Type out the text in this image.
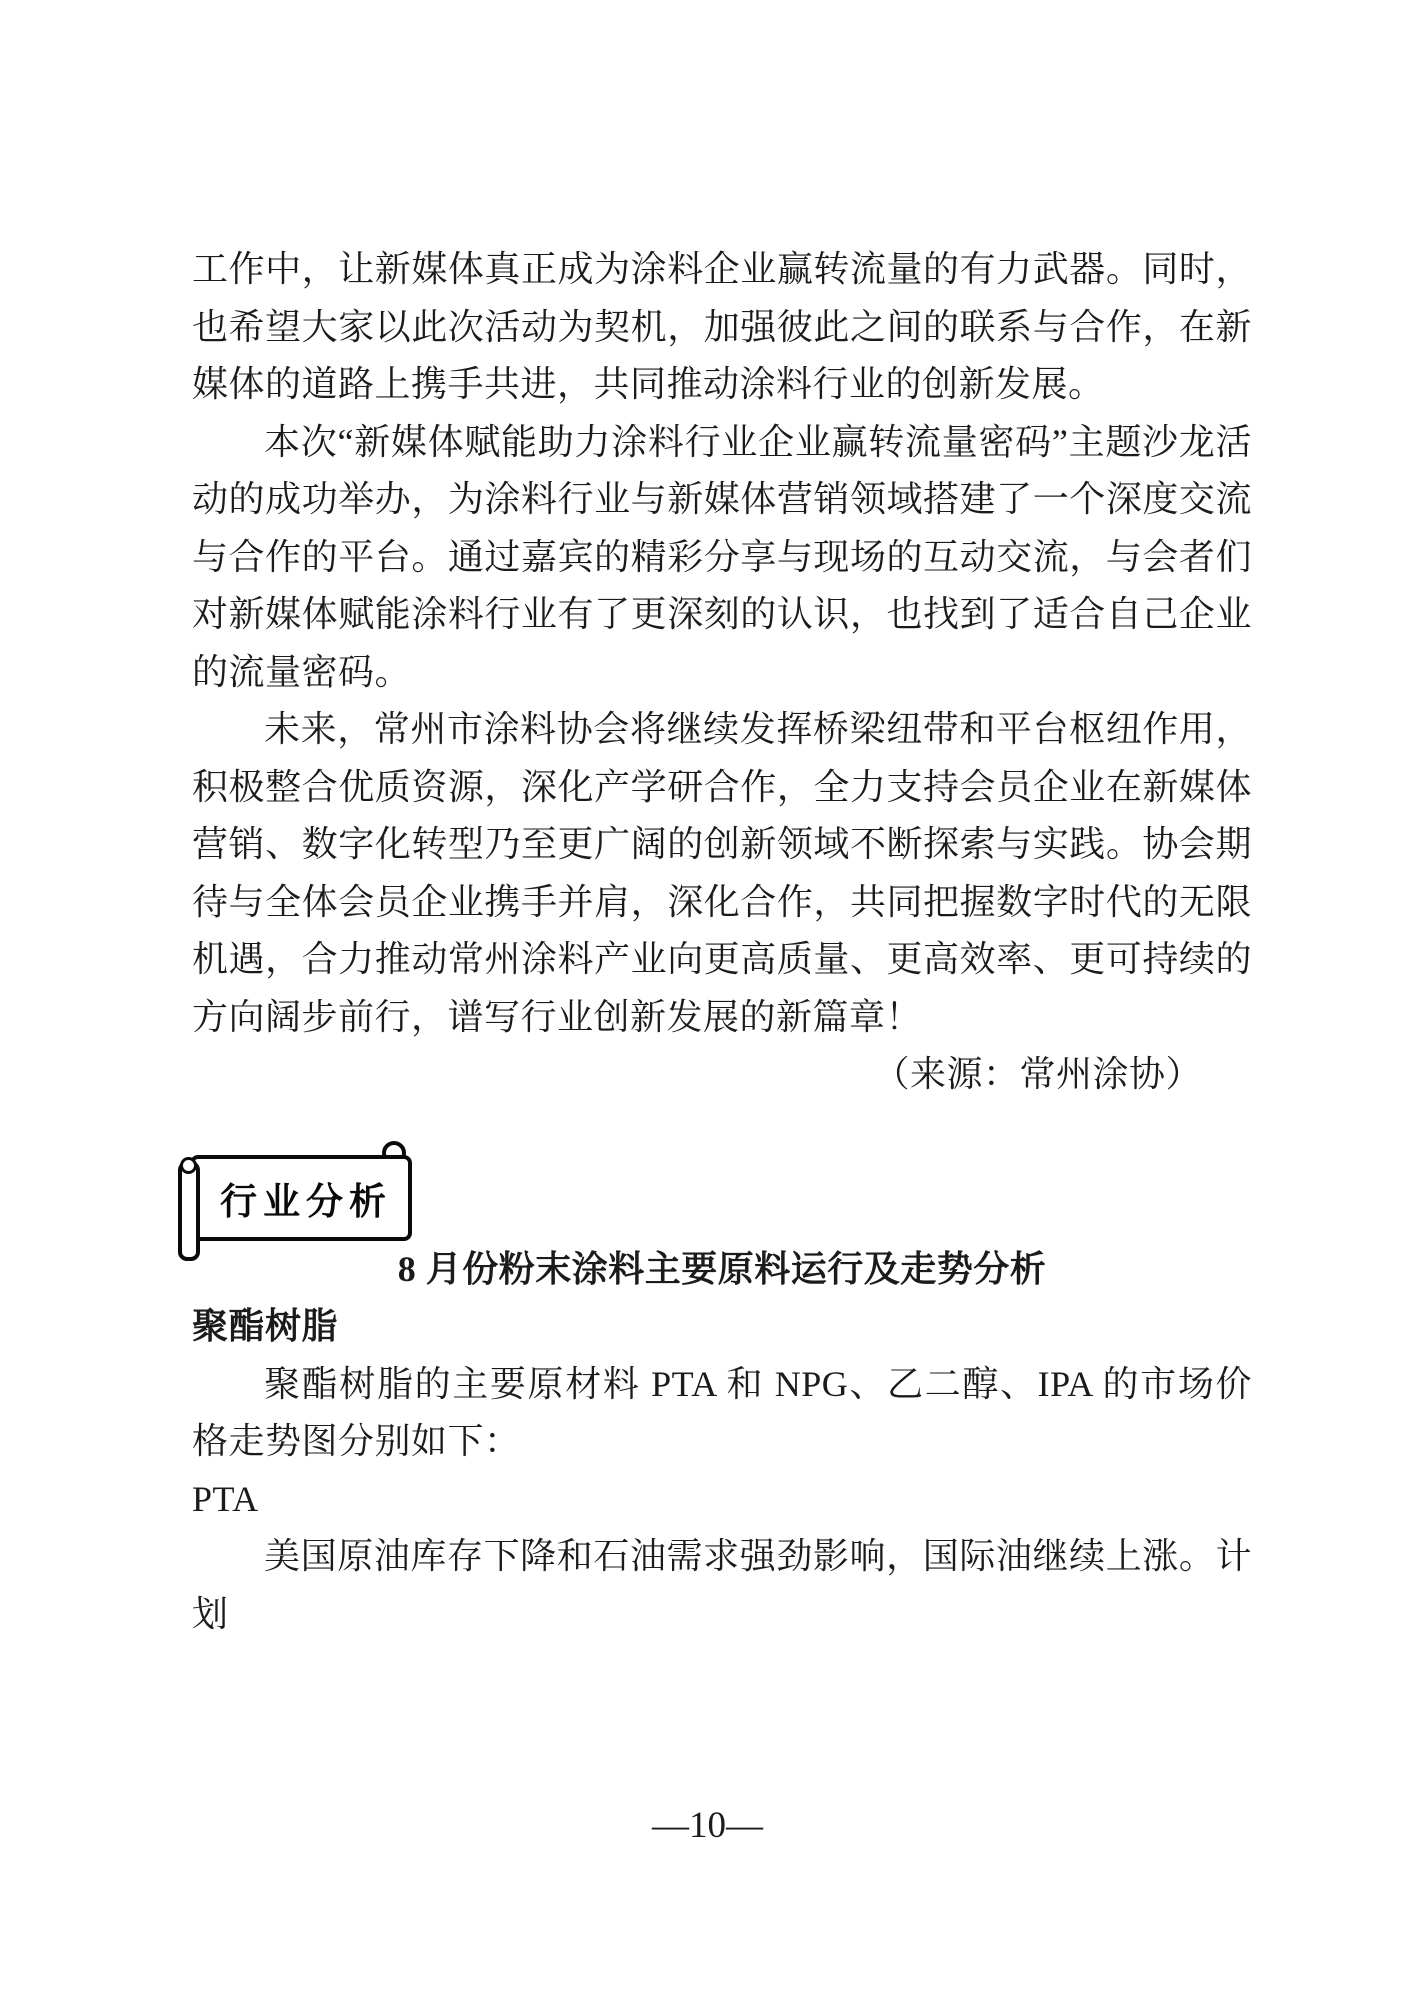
工作中，让新媒体真正成为涂料企业赢转流量的有力武器。同时，也希望大家以此次活动为契机，加强彼此之间的联系与合作，在新媒体的道路上携手共进，共同推动涂料行业的创新发展。

本次“新媒体赋能助力涂料行业企业赢转流量密码”主题沙龙活动的成功举办，为涂料行业与新媒体营销领域搭建了一个深度交流与合作的平台。通过嘉宾的精彩分享与现场的互动交流，与会者们对新媒体赋能涂料行业有了更深刻的认识，也找到了适合自己企业的流量密码。

未来，常州市涂料协会将继续发挥桥梁纽带和平台枢纽作用，积极整合优质资源，深化产学研合作，全力支持会员企业在新媒体营销、数字化转型乃至更广阔的创新领域不断探索与实践。协会期待与全体会员企业携手并肩，深化合作，共同把握数字时代的无限机遇，合力推动常州涂料产业向更高质量、更高效率、更可持续的方向阔步前行，谱写行业创新发展的新篇章！

（来源：常州涂协）

行业分析

8 月份粉末涂料主要原料运行及走势分析

聚酯树脂

聚酯树脂的主要原材料 PTA 和 NPG、乙二醇、IPA 的市场价格走势图分别如下：

PTA

美国原油库存下降和石油需求强劲影响，国际油继续上涨。计划

—10—
